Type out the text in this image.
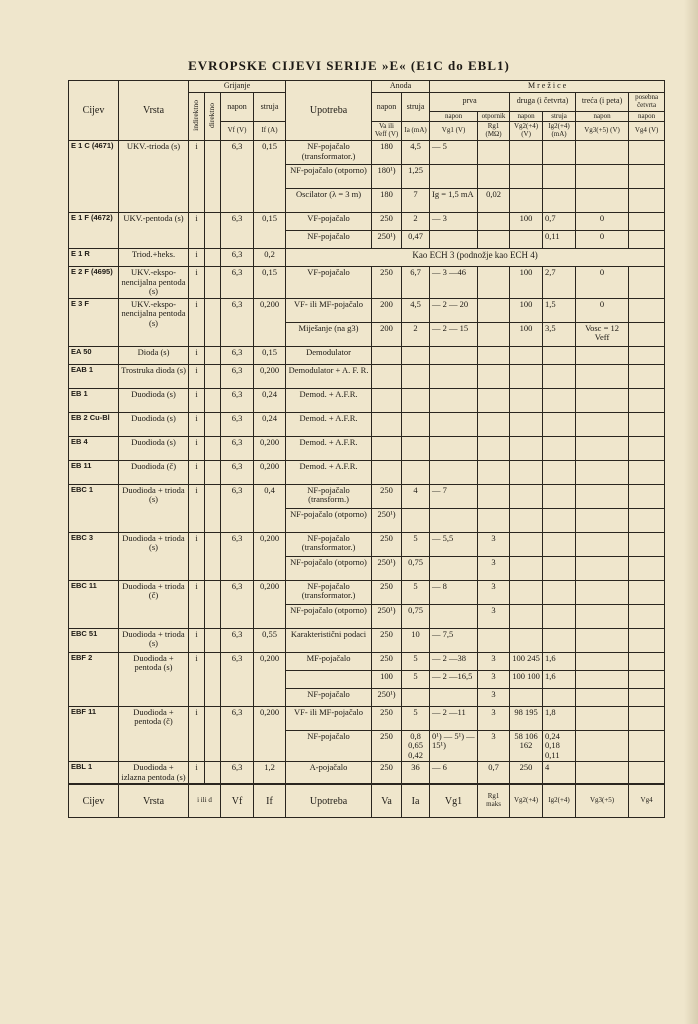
EVROPSKE CIJEVI SERIJE »E« (E1C do EBL1)
Cijev	Vrsta	Grijanje				Upotreba	Anoda		M r e ž i c e					
		indirektno	direktno	napon	struja		napon	struja	prva		druga (i četvrta)		treća (i peta)	posebna četvrta
									napon	otpornik	napon	struja	napon	napon
				Vf (V)	If (A)		Va ili Veff (V)	Ia (mA)	Vg1 (V)	Rg1 (MΩ)	Vg2(+4) (V)	Ig2(+4) (mA)	Vg3(+5) (V)	Vg4 (V)
E 1 C (4671)	UKV.-trioda (s)	i		6,3	0,15	NF-pojačalo (transformator.)	180	4,5	— 5					
						NF-pojačalo (otporno)	180¹)	1,25						
						Oscilator (λ = 3 m)	180	7	Ig = 1,5 mA	0,02				
E 1 F (4672)	UKV.-pentoda (s)	i		6,3	0,15	VF-pojačalo	250	2	— 3		100	0,7	0	
						NF-pojačalo	250¹)	0,47				0,11	0	
E 1 R	Triod.+heks.	i		6,3	0,2	Kao ECH 3 (podnožje kao ECH 4)								
E 2 F (4695)	UKV.-ekspo-nencijalna pentoda (s)	i		6,3	0,15	VF-pojačalo	250	6,7	— 3 —46		100	2,7	0	
E 3 F	UKV.-ekspo-nencijalna pentoda (s)	i		6,3	0,200	VF- ili MF-pojačalo	200	4,5	— 2 — 20		100	1,5	0	
						Miješanje (na g3)	200	2	— 2 — 15		100	3,5	Vosc = 12 Veff	
EA 50	Dioda (s)	i		6,3	0,15	Demodulator								
EAB 1	Trostruka dioda (s)	i		6,3	0,200	Demodulator + A. F. R.								
EB 1	Duodioda (s)	i		6,3	0,24	Demod. + A.F.R.								
EB 2 Cu-Bl	Duodioda (s)	i		6,3	0,24	Demod. + A.F.R.								
EB 4	Duodioda (s)	i		6,3	0,200	Demod. + A.F.R.								
EB 11	Duodioda (č)	i		6,3	0,200	Demod. + A.F.R.								
EBC 1	Duodioda + trioda (s)	i		6,3	0,4	NF-pojačalo (transform.)	250	4	— 7					
						NF-pojačalo (otporno)	250¹)							
EBC 3	Duodioda + trioda (s)	i		6,3	0,200	NF-pojačalo (transformator.)	250	5	— 5,5	3				
						NF-pojačalo (otporno)	250¹)	0,75		3				
EBC 11	Duodioda + trioda (č)	i		6,3	0,200	NF-pojačalo (transformator.)	250	5	— 8	3				
						NF-pojačalo (otporno)	250¹)	0,75		3				
EBC 51	Duodioda + trioda (s)	i		6,3	0,55	Karakteristični podaci	250	10	— 7,5					
EBF 2	Duodioda + pentoda (s)	i		6,3	0,200	MF-pojačalo	250	5	— 2 —38	3	100 245	1,6		
							100	5	— 2 —16,5	3	100 100	1,6		
						NF-pojačalo	250¹)			3				
EBF 11	Duodioda + pentoda (č)	i		6,3	0,200	VF- ili MF-pojačalo	250	5	— 2 —11	3	98 195	1,8		
						NF-pojačalo	250	0,8 0,65 0,42	0¹) — 5¹) —15¹)	3	58 106 162	0,24 0,18 0,11		
EBL 1	Duodioda + izlazna pentoda (s)	i		6,3	1,2	A-pojačalo	250	36	— 6	0,7	250	4		
Cijev	Vrsta	i ili d		Vf	If	Upotreba	Va	Ia	Vg1	Rg1 maks	Vg2(+4)	Ig2(+4)	Vg3(+5)	Vg4
